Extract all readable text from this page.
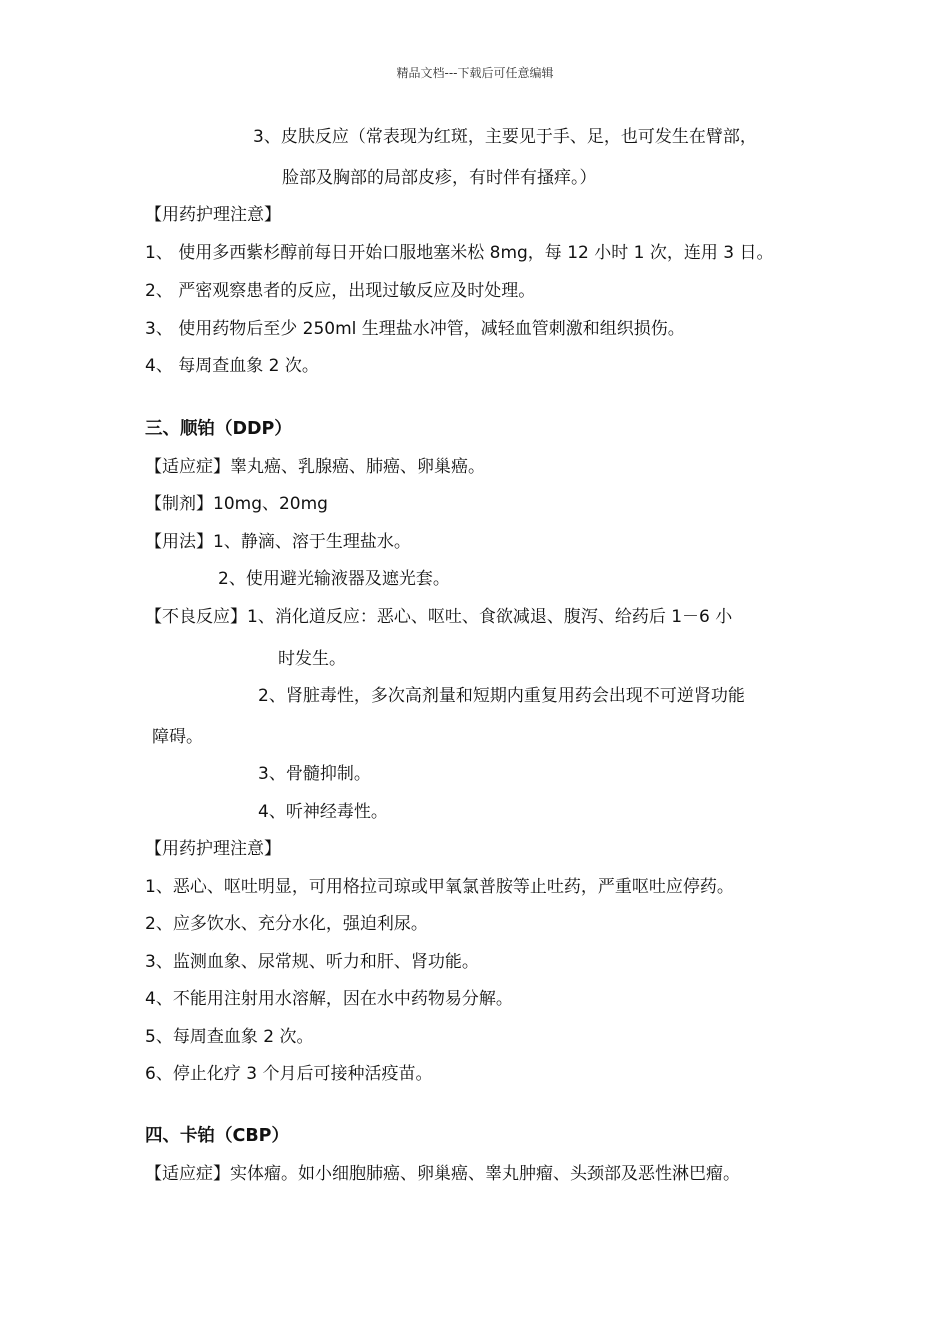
精品文档---下载后可任意编辑
3、皮肤反应（常表现为红斑，主要见于手、足，也可发生在臂部，
脸部及胸部的局部皮疹，有时伴有搔痒。）
【用药护理注意】
1、 使用多西紫杉醇前每日开始口服地塞米松 8mg，每 12 小时 1 次，连用 3 日。
2、 严密观察患者的反应，出现过敏反应及时处理。
3、 使用药物后至少 250ml 生理盐水冲管，减轻血管刺激和组织损伤。
4、 每周查血象 2 次。
三、顺铂（DDP）
【适应症】睾丸癌、乳腺癌、肺癌、卵巢癌。
【制剂】10mg、20mg
【用法】1、静滴、溶于生理盐水。
2、使用避光输液器及遮光套。
【不良反应】1、消化道反应：恶心、呕吐、食欲减退、腹泻、给药后 1－6 小
时发生。
2、肾脏毒性，多次高剂量和短期内重复用药会出现不可逆肾功能
障碍。
3、骨髓抑制。
4、听神经毒性。
【用药护理注意】
1、恶心、呕吐明显，可用格拉司琼或甲氧氯普胺等止吐药，严重呕吐应停药。
2、应多饮水、充分水化，强迫利尿。
3、监测血象、尿常规、听力和肝、肾功能。
4、不能用注射用水溶解，因在水中药物易分解。
5、每周查血象 2 次。
6、停止化疗 3 个月后可接种活疫苗。
四、卡铂（CBP）
【适应症】实体瘤。如小细胞肺癌、卵巢癌、睾丸肿瘤、头颈部及恶性淋巴瘤。
